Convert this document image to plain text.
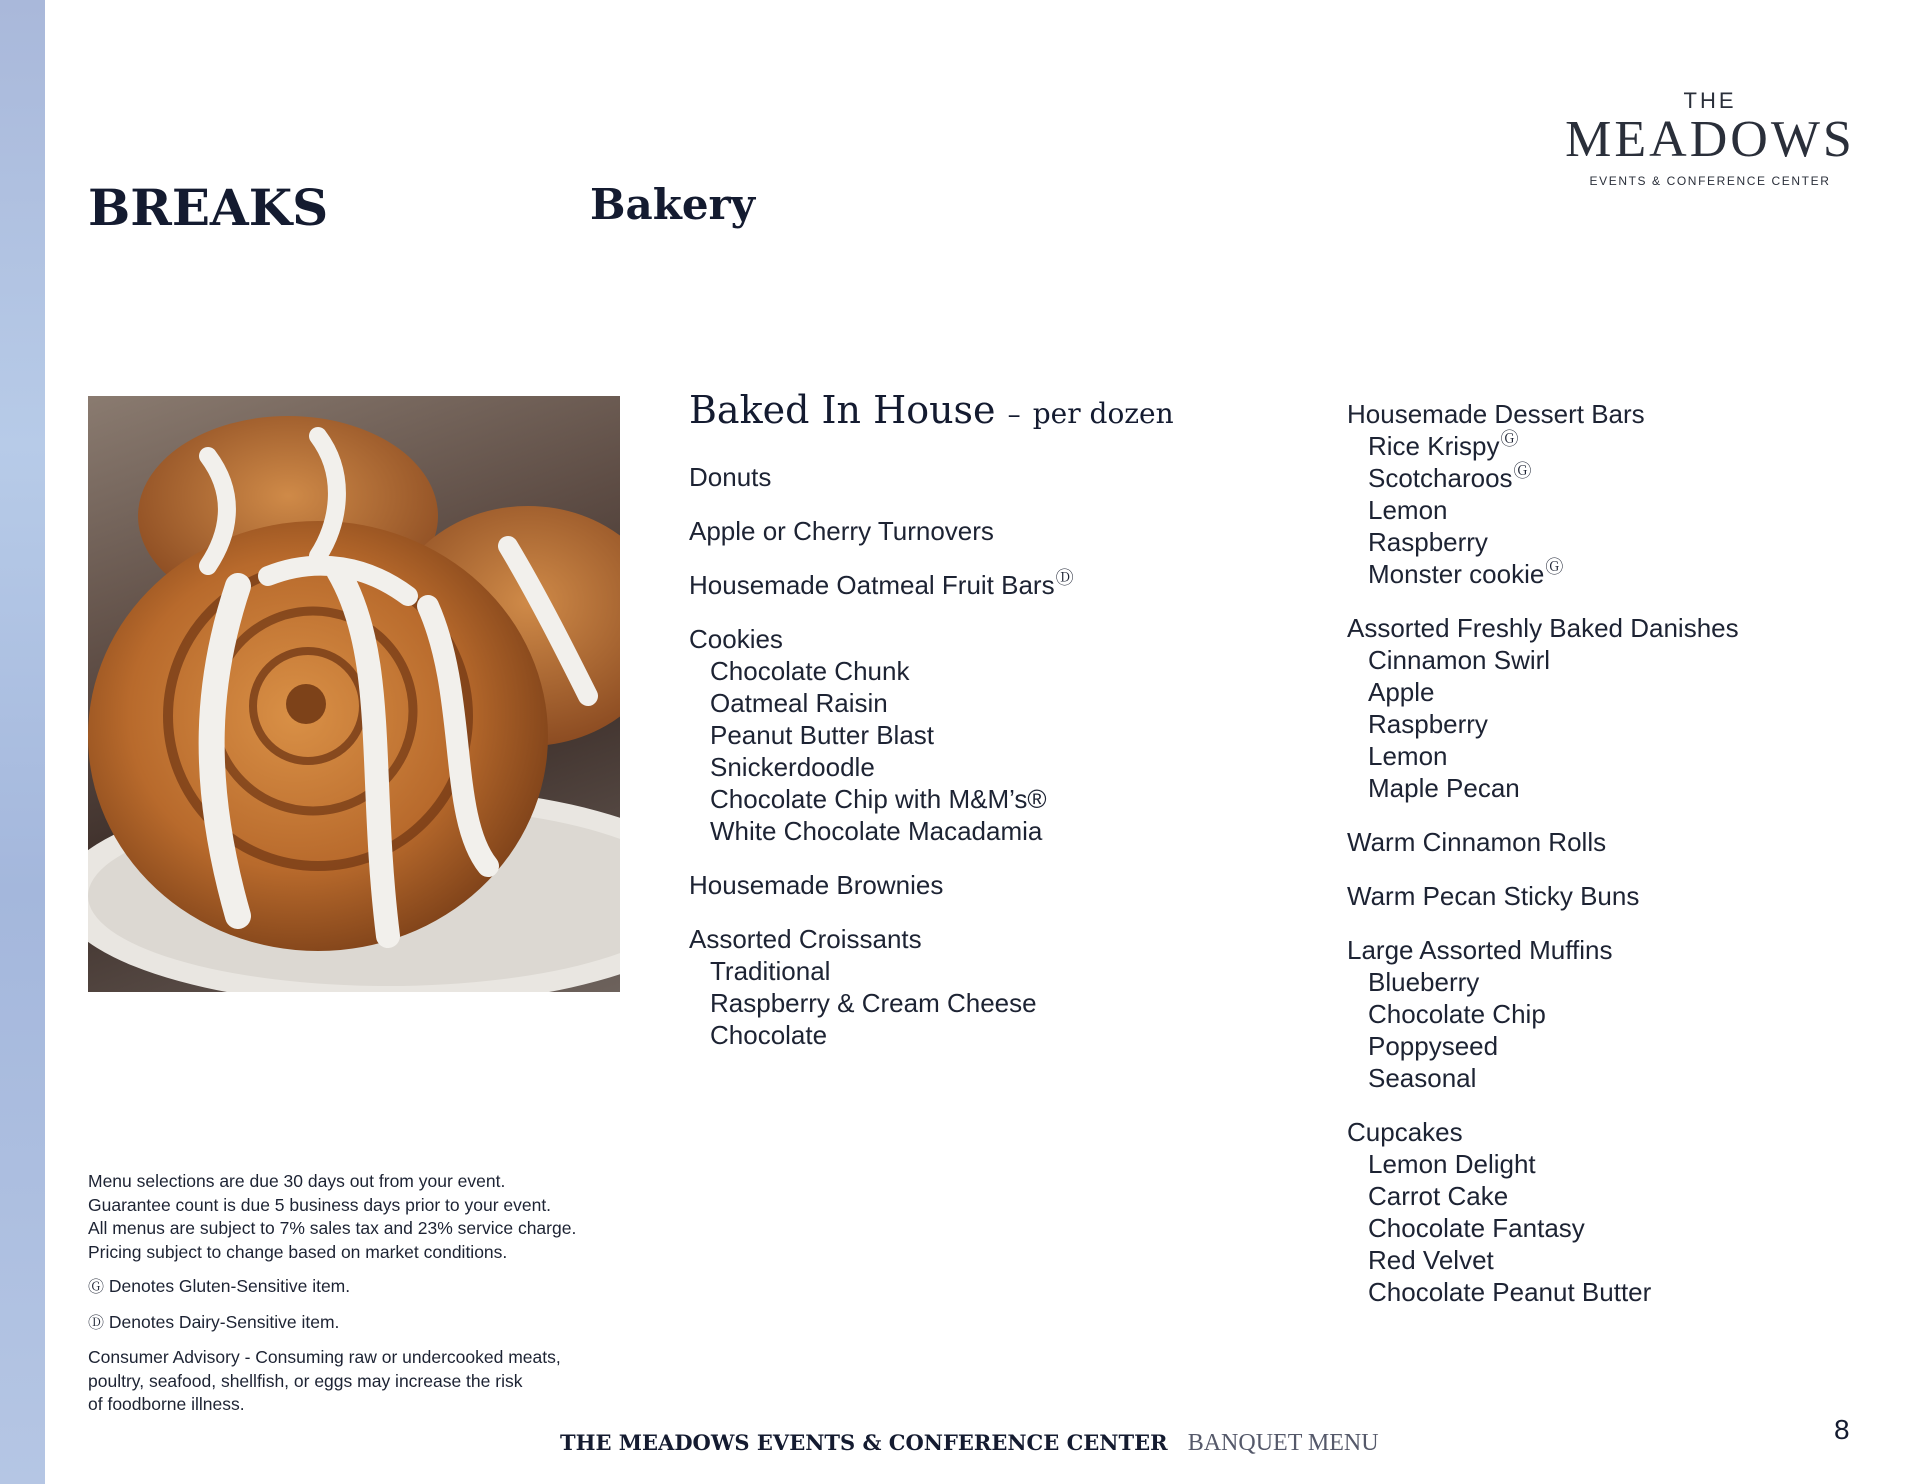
THE
MEADOWS
EVENTS & CONFERENCE CENTER
BREAKS	Bakery
Baked In House – per dozen
Donuts
Apple or Cherry Turnovers
Housemade Oatmeal Fruit BarsⒹ
Cookies
Chocolate Chunk
Oatmeal Raisin
Peanut Butter Blast
Snickerdoodle
Chocolate Chip with M&M’s®
White Chocolate Macadamia
Housemade Brownies
Assorted Croissants
Traditional
Raspberry & Cream Cheese
Chocolate
Housemade Dessert Bars
Rice KrispyⒼ
ScotcharoosⒼ
Lemon
Raspberry
Monster cookieⒼ
Assorted Freshly Baked Danishes
Cinnamon Swirl
Apple
Raspberry
Lemon
Maple Pecan
Warm Cinnamon Rolls
Warm Pecan Sticky Buns
Large Assorted Muffins
Blueberry
Chocolate Chip
Poppyseed
Seasonal
Cupcakes
Lemon Delight
Carrot Cake
Chocolate Fantasy
Red Velvet
Chocolate Peanut Butter

Menu selections are due 30 days out from your event.
Guarantee count is due 5 business days prior to your event.
All menus are subject to 7% sales tax and 23% service charge.
Pricing subject to change based on market conditions.

Ⓖ Denotes Gluten-Sensitive item.

Ⓓ Denotes Dairy-Sensitive item.

Consumer Advisory - Consuming raw or undercooked meats,
poultry, seafood, shellfish, or eggs may increase the risk
of foodborne illness.

THE MEADOWS EVENTS & CONFERENCE CENTER BANQUET MENU	8
